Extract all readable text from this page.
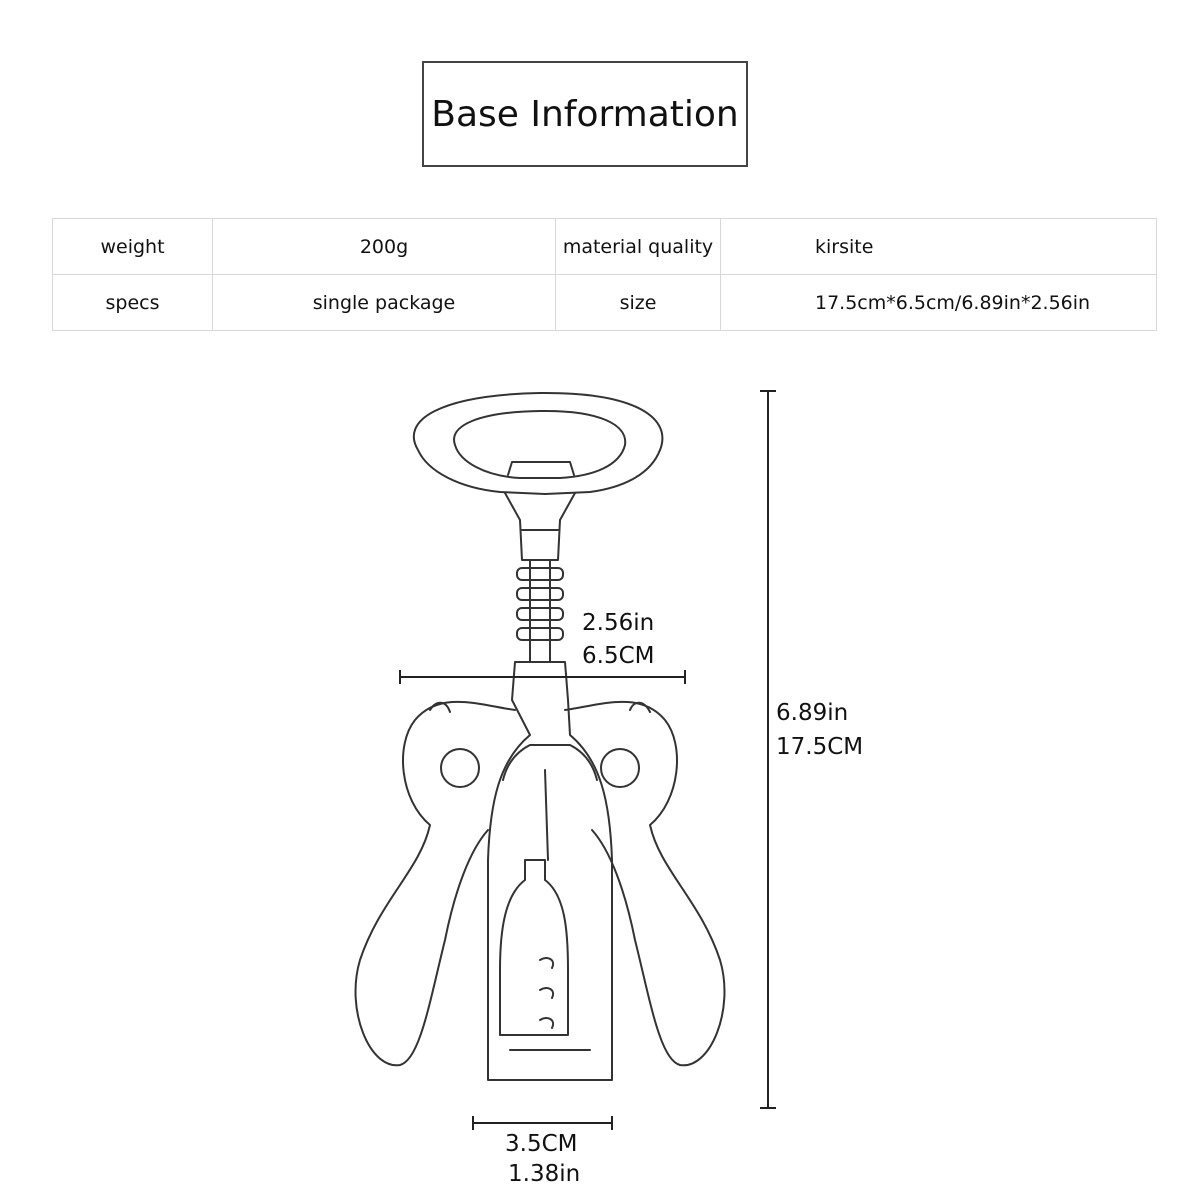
Base Information
weight	200g	material quality	kirsite
specs	single package	size	17.5cm*6.5cm/6.89in*2.56in
2.56in
6.5CM
6.89in
17.5CM
3.5CM
1.38in
